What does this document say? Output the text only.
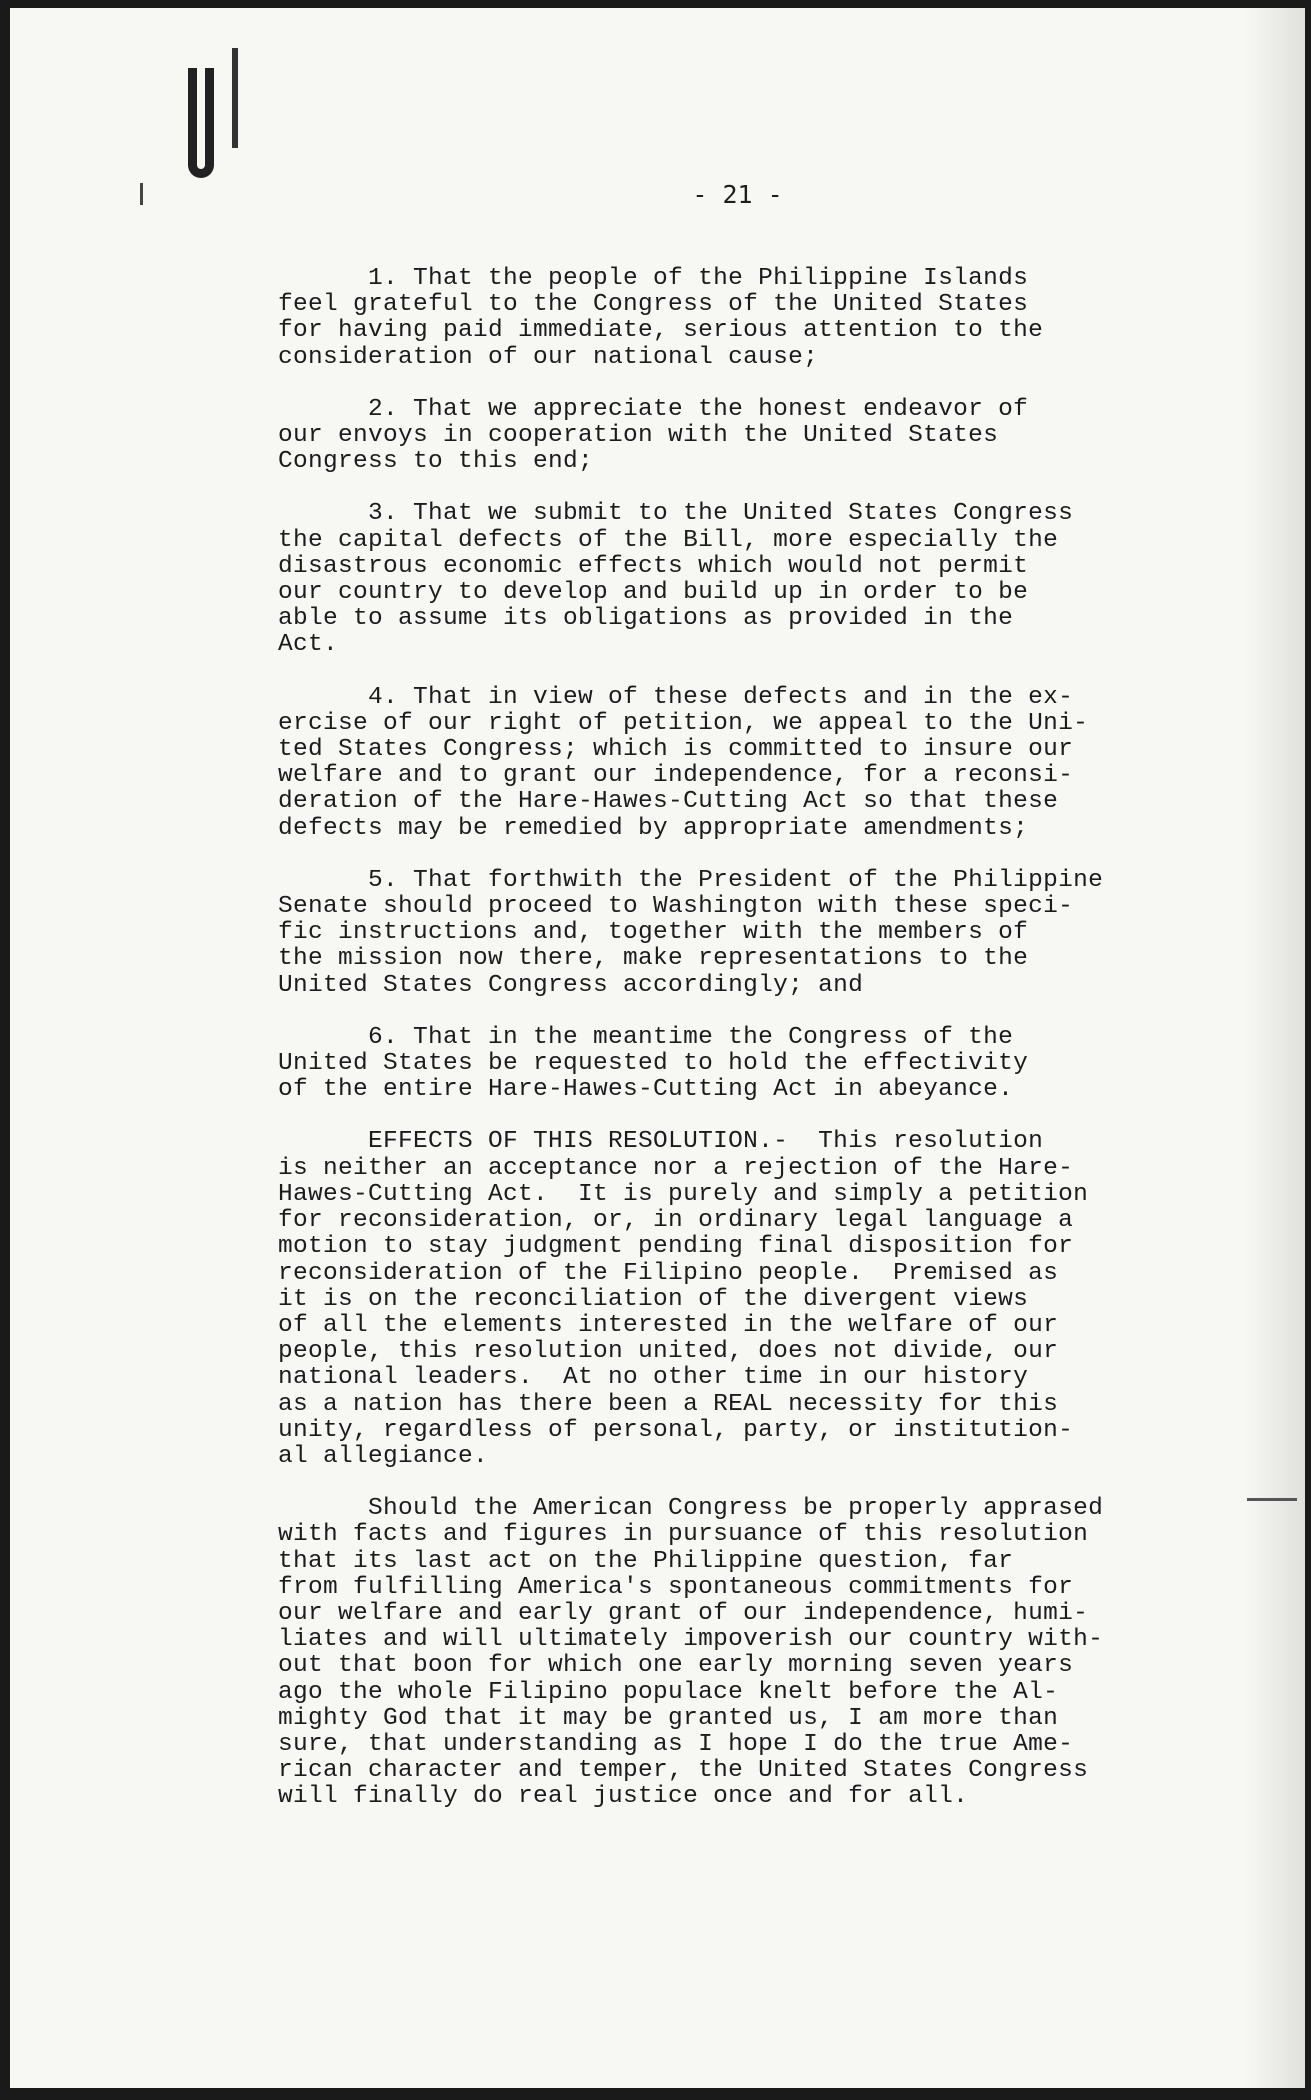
- 21 -

1. That the people of the Philippine Islands
feel grateful to the Congress of the United States
for having paid immediate, serious attention to the
consideration of our national cause;

2. That we appreciate the honest endeavor of
our envoys in cooperation with the United States
Congress to this end;

3. That we submit to the United States Congress
the capital defects of the Bill, more especially the
disastrous economic effects which would not permit
our country to develop and build up in order to be
able to assume its obligations as provided in the
Act.

4. That in view of these defects and in the ex-
ercise of our right of petition, we appeal to the Uni-
ted States Congress; which is committed to insure our
welfare and to grant our independence, for a reconsi-
deration of the Hare-Hawes-Cutting Act so that these
defects may be remedied by appropriate amendments;

5. That forthwith the President of the Philippine
Senate should proceed to Washington with these speci-
fic instructions and, together with the members of
the mission now there, make representations to the
United States Congress accordingly; and

6. That in the meantime the Congress of the
United States be requested to hold the effectivity
of the entire Hare-Hawes-Cutting Act in abeyance.

EFFECTS OF THIS RESOLUTION.-  This resolution
is neither an acceptance nor a rejection of the Hare-
Hawes-Cutting Act.  It is purely and simply a petition
for reconsideration, or, in ordinary legal language a
motion to stay judgment pending final disposition for
reconsideration of the Filipino people.  Premised as
it is on the reconciliation of the divergent views
of all the elements interested in the welfare of our
people, this resolution united, does not divide, our
national leaders.  At no other time in our history
as a nation has there been a REAL necessity for this
unity, regardless of personal, party, or institution-
al allegiance.

Should the American Congress be properly apprased
with facts and figures in pursuance of this resolution
that its last act on the Philippine question, far
from fulfilling America's spontaneous commitments for
our welfare and early grant of our independence, humi-
liates and will ultimately impoverish our country with-
out that boon for which one early morning seven years
ago the whole Filipino populace knelt before the Al-
mighty God that it may be granted us, I am more than
sure, that understanding as I hope I do the true Ame-
rican character and temper, the United States Congress
will finally do real justice once and for all.
